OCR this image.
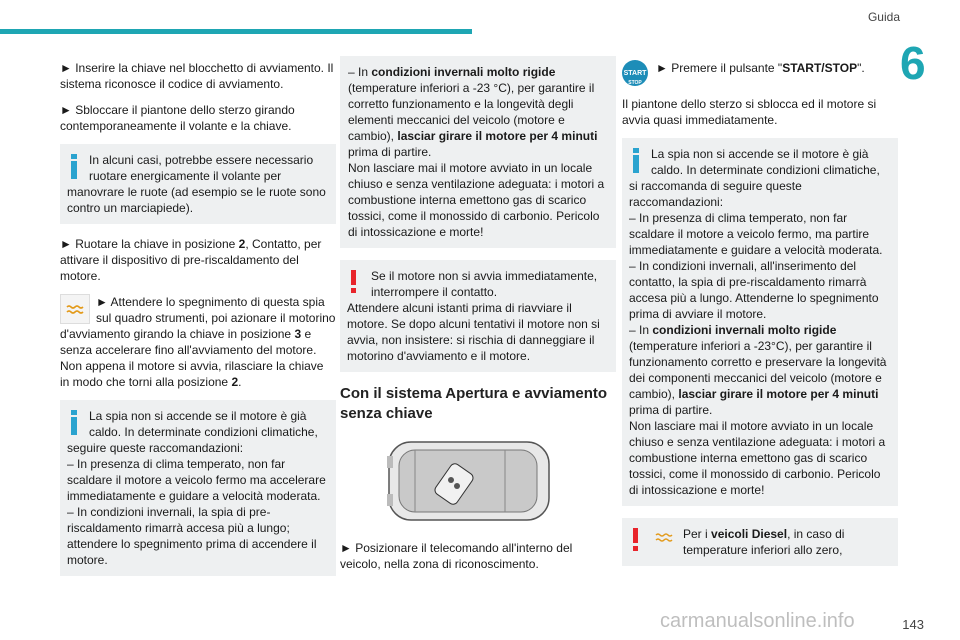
Guida
6

► Inserire la chiave nel blocchetto di avviamento. Il sistema riconosce il codice di avviamento.

► Sbloccare il piantone dello sterzo girando contemporaneamente il volante e la chiave.

In alcuni casi, potrebbe essere necessario ruotare energicamente il volante per manovrare le ruote (ad esempio se le ruote sono contro un marciapiede).

► Ruotare la chiave in posizione 2, Contatto, per attivare il dispositivo di pre-riscaldamento del motore.

► Attendere lo spegnimento di questa spia sul quadro strumenti, poi azionare il motorino d'avviamento girando la chiave in posizione 3 e senza accelerare fino all'avviamento del motore. Non appena il motore si avvia, rilasciare la chiave in modo che torni alla posizione 2.

La spia non si accende se il motore è già caldo. In determinate condizioni climatiche, seguire queste raccomandazioni:
– In presenza di clima temperato, non far scaldare il motore a veicolo fermo ma accelerare immediatamente e guidare a velocità moderata.
– In condizioni invernali, la spia di pre-riscaldamento rimarrà accesa più a lungo; attendere lo spegnimento prima di accendere il motore.
– In condizioni invernali molto rigide (temperature inferiori a -23 °C), per garantire il corretto funzionamento e la longevità degli elementi meccanici del veicolo (motore e cambio), lasciar girare il motore per 4 minuti prima di partire.
Non lasciare mai il motore avviato in un locale chiuso e senza ventilazione adeguata: i motori a combustione interna emettono gas di scarico tossici, come il monossido di carbonio. Pericolo di intossicazione e morte!
Se il motore non si avvia immediatamente, interrompere il contatto.
Attendere alcuni istanti prima di riavviare il motore. Se dopo alcuni tentativi il motore non si avvia, non insistere: si rischia di danneggiare il motorino d'avviamento e il motore.
Con il sistema Apertura e avviamento senza chiave

► Posizionare il telecomando all'interno del veicolo, nella zona di riconoscimento.

START
STOP
► Premere il pulsante "START/STOP".

Il piantone dello sterzo si sblocca ed il motore si avvia quasi immediatamente.

La spia non si accende se il motore è già caldo. In determinate condizioni climatiche, si raccomanda di seguire queste raccomandazioni:
– In presenza di clima temperato, non far scaldare il motore a veicolo fermo, ma partire immediatamente e guidare a velocità moderata.
– In condizioni invernali, all'inserimento del contatto, la spia di pre-riscaldamento rimarrà accesa più a lungo. Attenderne lo spegnimento prima di avviare il motore.
– In condizioni invernali molto rigide (temperature inferiori a -23°C), per garantire il funzionamento corretto e preservare la longevità dei componenti meccanici del veicolo (motore e cambio), lasciar girare il motore per 4 minuti prima di partire.
Non lasciare mai il motore avviato in un locale chiuso e senza ventilazione adeguata: i motori a combustione interna emettono gas di scarico tossici, come il monossido di carbonio. Pericolo di intossicazione e morte!
Per i veicoli Diesel, in caso di temperature inferiori allo zero,
143
carmanualsonline.info
